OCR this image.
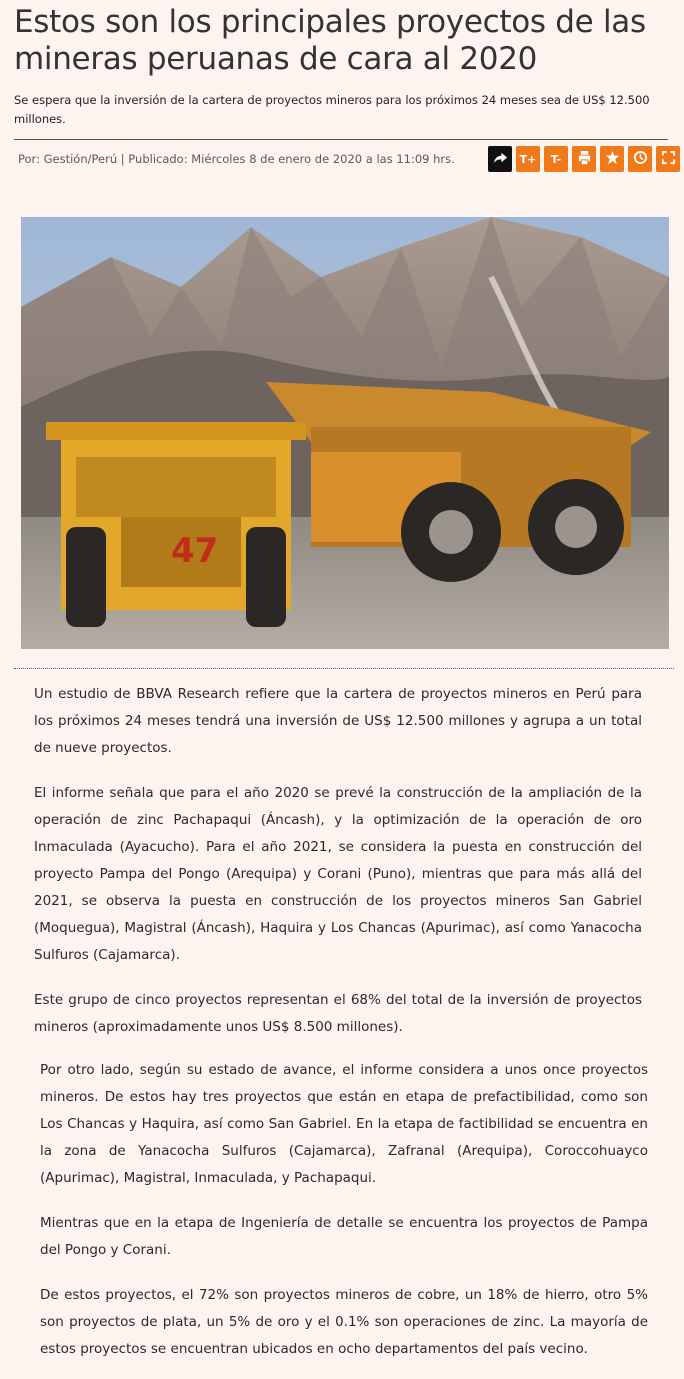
Estos son los principales proyectos de las mineras peruanas de cara al 2020
Se espera que la inversión de la cartera de proyectos mineros para los próximos 24 meses sea de US$ 12.500 millones.
Por: Gestión/Perú | Publicado: Miércoles 8 de enero de 2020 a las 11:09 hrs.	T+	T-
47

Un estudio de BBVA Research refiere que la cartera de proyectos mineros en Perú para los próximos 24 meses tendrá una inversión de US$ 12.500 millones y agrupa a un total de nueve proyectos.

El informe señala que para el año 2020 se prevé la construcción de la ampliación de la operación de zinc Pachapaqui (Áncash), y la optimización de la operación de oro Inmaculada (Ayacucho). Para el año 2021, se considera la puesta en construcción del proyecto Pampa del Pongo (Arequipa) y Corani (Puno), mientras que para más allá del 2021, se observa la puesta en construcción de los proyectos mineros San Gabriel (Moquegua), Magistral (Áncash), Haquira y Los Chancas (Apurimac), así como Yanacocha Sulfuros (Cajamarca).

Este grupo de cinco proyectos representan el 68% del total de la inversión de proyectos mineros (aproximadamente unos US$ 8.500 millones).

Por otro lado, según su estado de avance, el informe considera a unos once proyectos mineros. De estos hay tres proyectos que están en etapa de prefactibilidad, como son Los Chancas y Haquira, así como San Gabriel. En la etapa de factibilidad se encuentra en la zona de Yanacocha Sulfuros (Cajamarca), Zafranal (Arequipa), Coroccohuayco (Apurimac), Magistral, Inmaculada, y Pachapaqui.

Mientras que en la etapa de Ingeniería de detalle se encuentra los proyectos de Pampa del Pongo y Corani.

De estos proyectos, el 72% son proyectos mineros de cobre, un 18% de hierro, otro 5% son proyectos de plata, un 5% de oro y el 0.1% son operaciones de zinc. La mayoría de estos proyectos se encuentran ubicados en ocho departamentos del país vecino.
